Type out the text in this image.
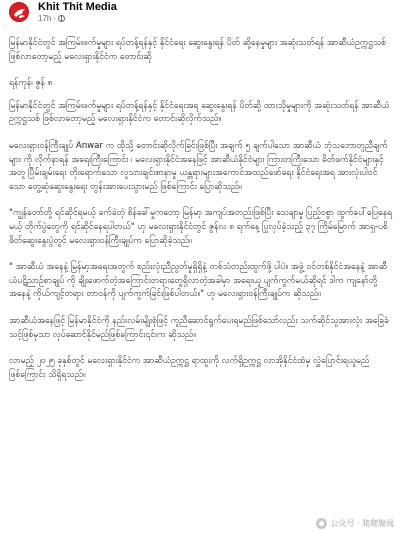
Khit Thit Media
17h ·
မြန်မာနိုင်ငံတွင် အကြမ်းဖက်မှုများ ရပ်တန့်ရန်နှင့် နိုင်ငံရေး ဆွေးနွေးရန် ပိတ် ဆို့နေမှုများ အဆုံးသတ်ရန် အာဆီယံဥက္ကဋ္ဌသစ် ဖြစ်လာတော့မည့် မလေးရှားနိုင်ငံက တောင်းဆို
ရန်ကုန်၊ ဇွန် ၈
မြန်မာနိုင်ငံတွင် အကြမ်းဖက်မှုများ ရပ်တန့်ရန်နှင့် နိုင်ငံရေးအရ ဆွေးနွေးရန် ပိတ်ဆို့ ထားသိုမှုများကို အဆုံးသတ်ရန် အာဆီယံဥက္ကဋ္ဌသစ် ဖြစ်လာတော့မည့် မလေးရှားနိုင်ငံက တောင်းဆိုလိုက်သည်။
မလေးရှားဝန်ကြီးချုပ် Anwar က ထိုသို့ တောင်းဆိုလိုက်ခြင်းဖြစ်ပြီး အချက် ၅ ချက်ပါသော အာဆီယံ ဘုံသဘောတူညီချက်များ ကို လိုက်နာရန် အရေးကြီးကြောင်း ၊ မလေးရှားနိုင်ငံအနေဖြင့် အာဆီယံနိုင်ငံများ ကြားတကြီးသော ဓိတ်ဖက်နိုင်ငံများနှင့်အတူ ပြီမ်းချမ်းရေး တိုးရောက်သော လူသားချင်းစာနာမှု ယန္တရားများအကောင်အထည်ဖော်ရေး နိုင်ငံရေးအရ အားလုံးပါဝင်သော တွေ့ဆုံဆွေးနွေးရေး တွန်းအားပေးသွားမည် ဖြစ်ကြောင်း ပြောဆိုသည်။
"ကျွန်တော်တို့ ရင်ဆိုင်ရမယ့် ခက်ခဲတဲ့ စိန်ခေါ်မှုကတော့ မြန်မာ့ အကျပ်အတည်းဖြစ်ပြီး သေချာမှု ပြည့်ဝစွာ ထွက်ပေါ်ပြေနေရမယ့် တိုက်ပွဲတွေကို ရင်ဆိုင်နေရပါတယ်" ဟု မလေးရှားနိုင်ငံတွင် ဇွန်လ ၈ ရက်နေ့ ပြုလုပ်ခဲ့သည့် ၃၇ ကြိမ်မြောက် အာရှ-ပစိဖိတ်ဆွေးနွေးပွဲတွင် မလေးရှားဝန်ကြီးချုပ်က ပြောဆိုခဲ့သည်။
" အာဆီယံ အနေနဲ့ မြန်မာ့အရေးအတွက် စည်းလုံးညီညွတ်မှုရှိရှိနဲ့ တစ်သံတည်းထွက်ဖို့ ပါပဲ။ အဖွဲ့ ဝင်တစ်နိုင်ငံအနေနဲ့ အာဆီယံပဋိညာဉ်စာချုပ် ကို ချိုးဖောက်တဲ့အကြောင်းတရားတွေရှိလာတဲ့အခါမှာ အရေးယူ ပျက်ကွက်မယ်ဆိုရင် ဒါက ကျနော်တို့ အနေနဲ့ ကိုယ်ကျင့်တရား တာဝန်ကို ပျက်ကွက်ခြင်းဖြစ်ပါတယ်။" ဟု မလေးရှားဝန်ကြီးချုပ်က ဆိုသည်။
အာဆီယံအနေဖြင့် မြန်မာနိုင်ငံကို နည်းလမ်းမျိုးစုံဖြင့် ကူညီဆောင်ရွက်ပေးရမည်ဖြစ်သော်လည်း သက်ဆိုင်သူအားလုံး အခြေခံသင့်ဖြစ်မှသာ လုပ်ဆောင်နိုင်မည်ဖြစ်ကြောင်း၎င်းက ဆိုသည်။
လာမည့် ၂၀၂၅ ခုနှစ်တွင် မလေးရှားနိုင်ငံက အာဆီယံဥက္ကဋ္ဌ ရာထူးကို လက်ရှိဥက္ကဋ္ဌ လာအိုနိုင်ငံထံမှ လွှဲပြောင်းရယူမည်ဖြစ်ကြောင်း သိရှိရသည်။
公众号 · 爬爬聚闻
